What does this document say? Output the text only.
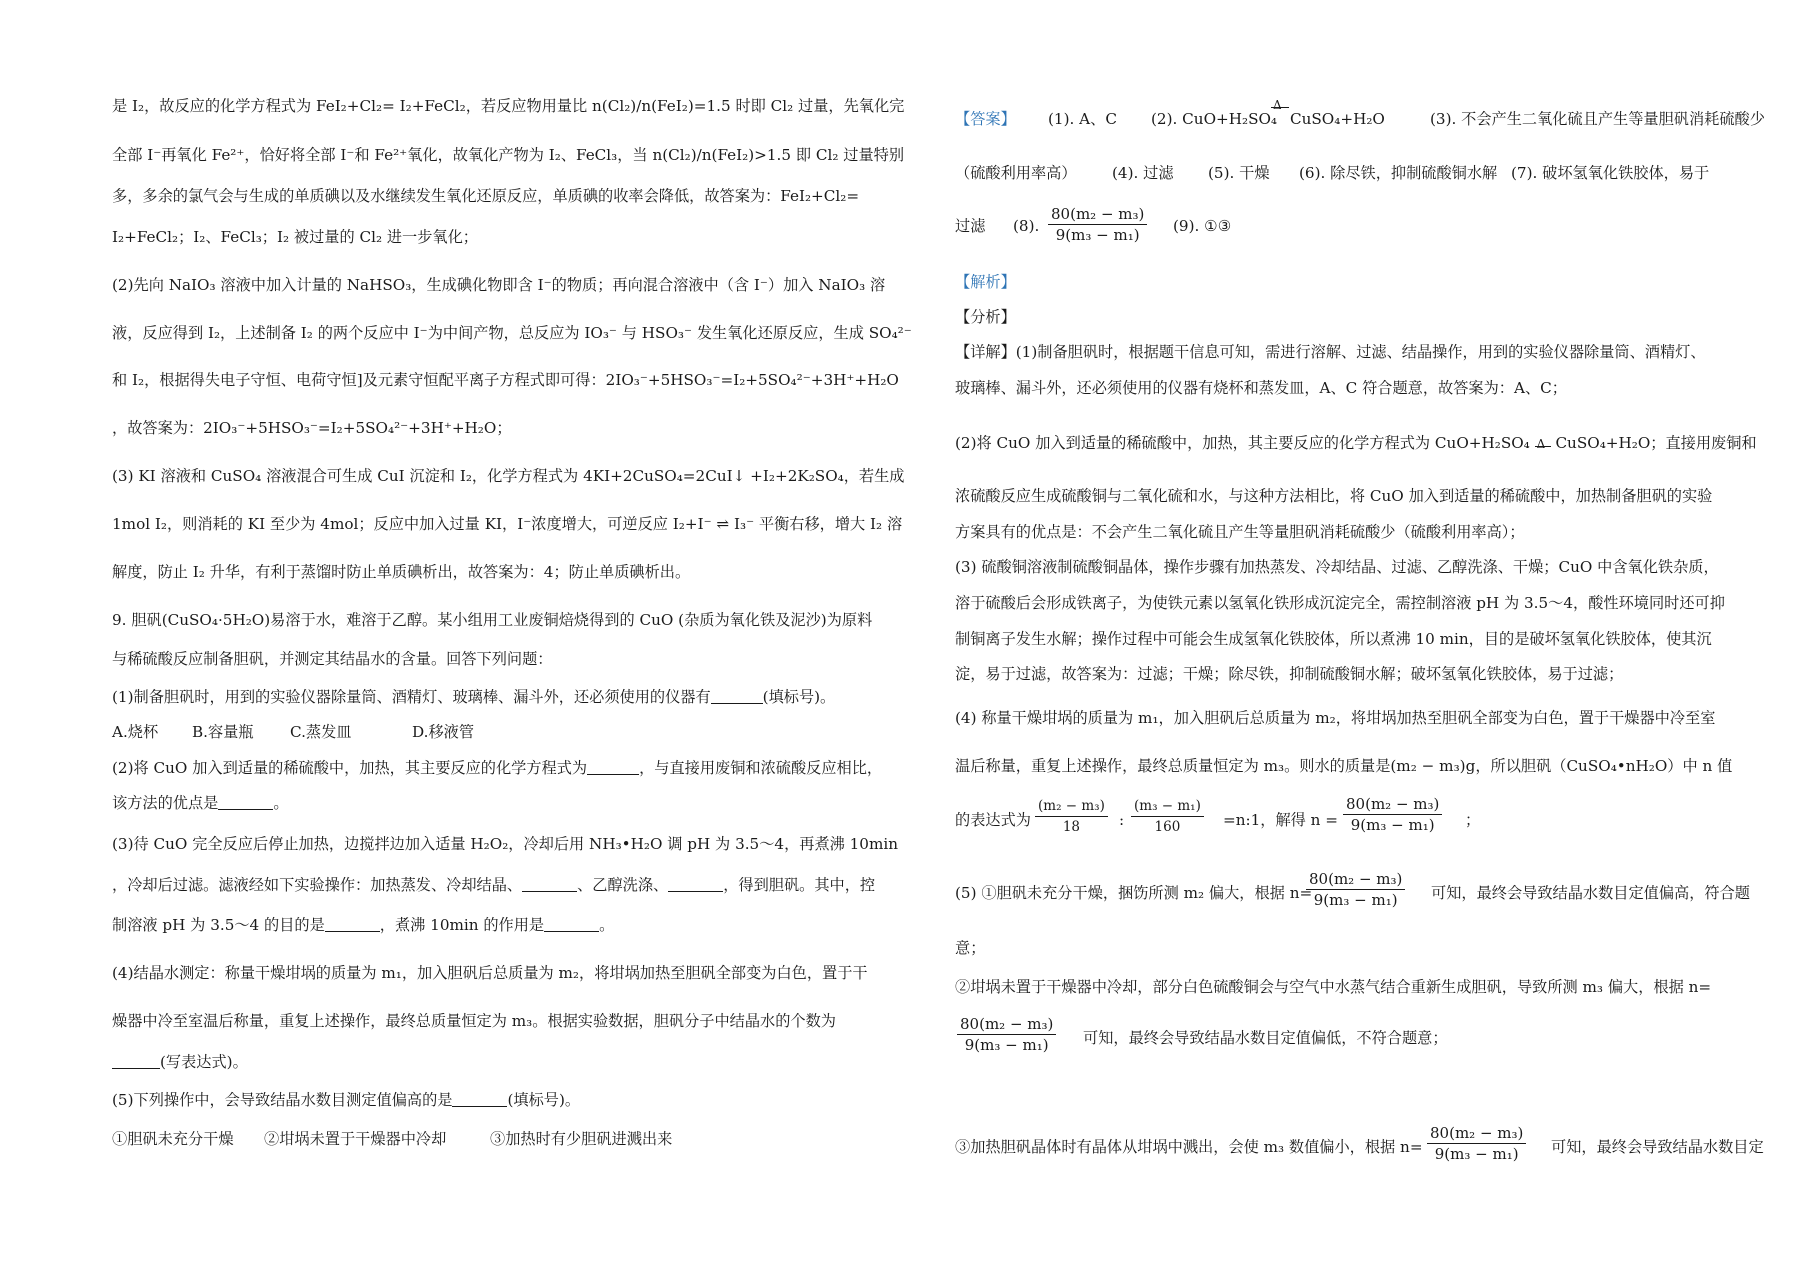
是 I₂，故反应的化学方程式为 FeI₂+Cl₂= I₂+FeCl₂，若反应物用量比 n(Cl₂)/n(FeI₂)=1.5 时即 Cl₂ 过量，先氧化完
全部 I⁻再氧化 Fe²⁺，恰好将全部 I⁻和 Fe²⁺氧化，故氧化产物为 I₂、FeCl₃，当 n(Cl₂)/n(FeI₂)>1.5 即 Cl₂ 过量特别
多，多余的氯气会与生成的单质碘以及水继续发生氧化还原反应，单质碘的收率会降低，故答案为：FeI₂+Cl₂=
I₂+FeCl₂；I₂、FeCl₃；I₂ 被过量的 Cl₂ 进一步氧化；
(2)先向 NaIO₃ 溶液中加入计量的 NaHSO₃，生成碘化物即含 I⁻的物质；再向混合溶液中（含 I⁻）加入 NaIO₃ 溶
液，反应得到 I₂，上述制备 I₂ 的两个反应中 I⁻为中间产物，总反应为 IO₃⁻ 与 HSO₃⁻ 发生氧化还原反应，生成 SO₄²⁻
和 I₂，根据得失电子守恒、电荷守恒]及元素守恒配平离子方程式即可得：2IO₃⁻+5HSO₃⁻=I₂+5SO₄²⁻+3H⁺+H₂O
，故答案为：2IO₃⁻+5HSO₃⁻=I₂+5SO₄²⁻+3H⁺+H₂O；
(3) KI 溶液和 CuSO₄ 溶液混合可生成 CuI 沉淀和 I₂，化学方程式为 4KI+2CuSO₄=2CuI↓ +I₂+2K₂SO₄，若生成
1mol I₂，则消耗的 KI 至少为 4mol；反应中加入过量 KI，I⁻浓度增大，可逆反应 I₂+I⁻ ⇌ I₃⁻ 平衡右移，增大 I₂ 溶
解度，防止 I₂ 升华，有利于蒸馏时防止单质碘析出，故答案为：4；防止单质碘析出。
9. 胆矾(CuSO₄·5H₂O)易溶于水，难溶于乙醇。某小组用工业废铜焙烧得到的 CuO (杂质为氧化铁及泥沙)为原料
与稀硫酸反应制备胆矾，并测定其结晶水的含量。回答下列问题：
(1)制备胆矾时，用到的实验仪器除量筒、酒精灯、玻璃棒、漏斗外，还必须使用的仪器有	(填标号)。
A.烧杯 B.容量瓶 C.蒸发皿	D.移液管
(2)将 CuO 加入到适量的稀硫酸中，加热，其主要反应的化学方程式为	，与直接用废铜和浓硫酸反应相比，
该方法的优点是	。
(3)待 CuO 完全反应后停止加热，边搅拌边加入适量 H₂O₂，冷却后用 NH₃•H₂O 调 pH 为 3.5～4，再煮沸 10min
，冷却后过滤。滤液经如下实验操作：加热蒸发、冷却结晶、	、乙醇洗涤、	，得到胆矾。其中，控
制溶液 pH 为 3.5～4 的目的是	，煮沸 10min 的作用是	。
(4)结晶水测定：称量干燥坩埚的质量为 m₁，加入胆矾后总质量为 m₂，将坩埚加热至胆矾全部变为白色，置于干
燥器中冷至室温后称量，重复上述操作，最终总质量恒定为 m₃。根据实验数据，胆矾分子中结晶水的个数为
(写表达式)。
(5)下列操作中，会导致结晶水数目测定值偏高的是	(填标号)。
①胆矾未充分干燥 ②坩埚未置于干燥器中冷却	③加热时有少胆矾进溅出来
【答案】 (1). A、C (2). CuO+H₂SO₄
Δ
CuSO₄+H₂O	(3). 不会产生二氧化硫且产生等量胆矾消耗硫酸少
（硫酸利用率高） (4). 过滤 (5). 干燥 (6). 除尽铁，抑制硫酸铜水解 (7). 破坏氢氧化铁胶体，易于
过滤 (8). $\frac{\text{80(m₂ − m₃)}}{\text{9(m₃ − m₁)}} (9)$. ①③
【解析】
【分析】
【详解】(1)制备胆矾时，根据题干信息可知，需进行溶解、过滤、结晶操作，用到的实验仪器除量筒、酒精灯、
玻璃棒、漏斗外，还必须使用的仪器有烧杯和蒸发皿，A、C 符合题意，故答案为：A、C；
(2)将 CuO 加入到适量的稀硫酸中，加热，其主要反应的化学方程式为 CuO+H₂SO₄ Δ CuSO₄+H₂O；直接用废铜和
浓硫酸反应生成硫酸铜与二氧化硫和水，与这种方法相比，将 CuO 加入到适量的稀硫酸中，加热制备胆矾的实验
方案具有的优点是：不会产生二氧化硫且产生等量胆矾消耗硫酸少（硫酸利用率高）；
(3) 硫酸铜溶液制硫酸铜晶体，操作步骤有加热蒸发、冷却结晶、过滤、乙醇洗涤、干燥；CuO 中含氧化铁杂质，
溶于硫酸后会形成铁离子，为使铁元素以氢氧化铁形成沉淀完全，需控制溶液 pH 为 3.5～4，酸性环境同时还可抑
制铜离子发生水解；操作过程中可能会生成氢氧化铁胶体，所以煮沸 10 min，目的是破坏氢氧化铁胶体，使其沉
淀，易于过滤，故答案为：过滤；干燥；除尽铁，抑制硫酸铜水解；破坏氢氧化铁胶体，易于过滤；
(4) 称量干燥坩埚的质量为 m₁，加入胆矾后总质量为 m₂，将坩埚加热至胆矾全部变为白色，置于干燥器中冷至室
温后称量，重复上述操作，最终总质量恒定为 m₃。则水的质量是(m₂ − m₃)g，所以胆矾（CuSO₄•nH₂O）中 n 值
的表达式为 $\frac{\text{(m₂ − m₃)}}{18}$ : $\frac{\text{(m₃ − m₁)}}{160}$ =n:1，解得 $n = \frac{\text{80(m₂ − m₃)}}{\text{9(m₃ − m₁)}}$ ；
(5) ①胆矾未充分干燥，捆饬所测 m₂ 偏大，根据 n=
$\frac{\text{80(m₂ − m₃)}}{\text{9(m₃ − m₁)}}$ 可知，最终会导致结晶水数目定值偏高，符合题
意；
②坩埚未置于干燥器中冷却，部分白色硫酸铜会与空气中水蒸气结合重新生成胆矾，导致所测 m₃ 偏大，根据 n=
$\frac{\text{80(m₂ − m₃)}}{\text{9(m₃ − m₁)}}$ 可知，最终会导致结晶水数目定值偏低，不符合题意；
③加热胆矾晶体时有晶体从坩埚中溅出，会使 m₃ 数值偏小，根据 $n= \frac{\text{80(m₂ − m₃)}}{\text{9(m₃ − m₁)}}$ 可知，最终会导致结晶水数目定
